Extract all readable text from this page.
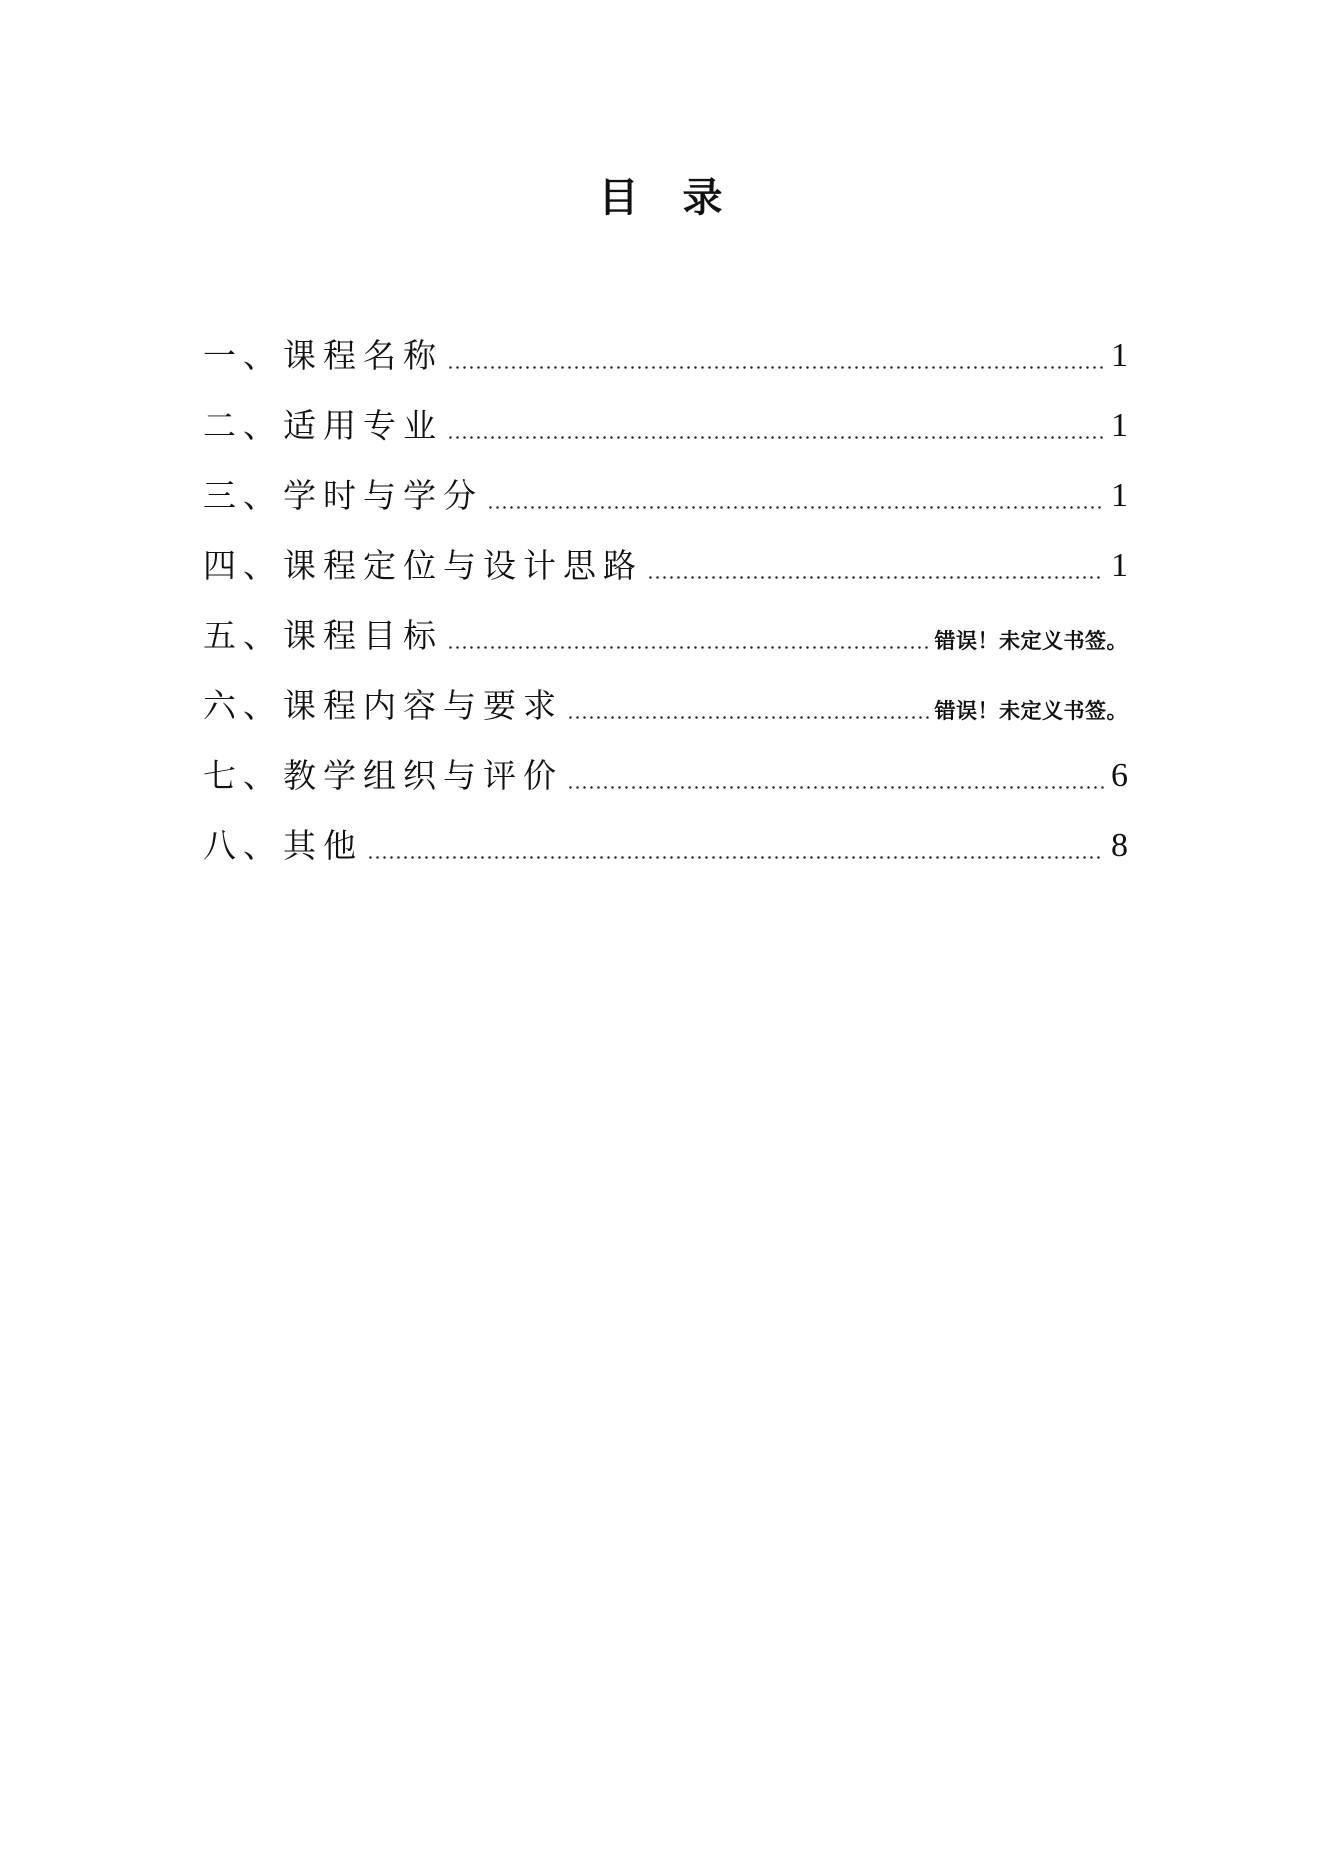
目　录
一、课程名称	1
二、适用专业	1
三、学时与学分	1
四、课程定位与设计思路	1
五、课程目标	错误！未定义书签。
六、课程内容与要求	错误！未定义书签。
七、教学组织与评价	6
八、其他	8
